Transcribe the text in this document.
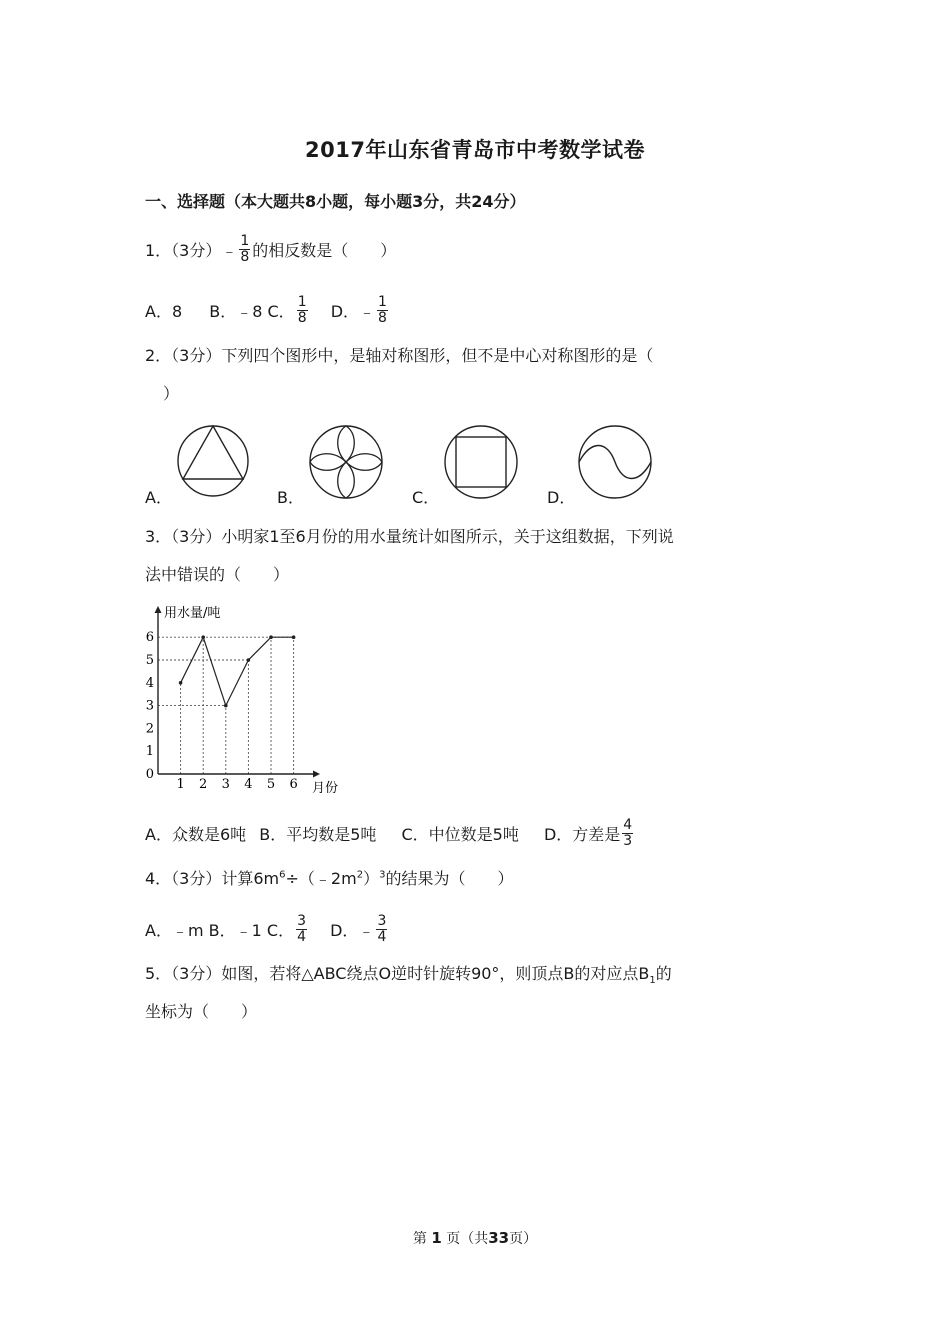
2017年山东省青岛市中考数学试卷
一、选择题（本大题共8小题，每小题3分，共24分）
1．（3分）﹣ $\frac{1}{8}$ 的相反数是（　　）
A．8 B．﹣8 C． $\frac{1}{8}$ D．﹣ $\frac{1}{8}$
2．（3分）下列四个图形中，是轴对称图形，但不是中心对称图形的是（
）
A．	B．	C．	D．
3．（3分）小明家1至6月份的用水量统计如图所示，关于这组数据，下列说
法中错误的（　　）
用水量/吨
月份
0
1
2
3
4
5
6
1 2 3 4 5 6
A．众数是6吨 B．平均数是5吨 C．中位数是5吨 D．方差是 $\frac{4}{3}$
4．（3分）计算$6m^6\div(﹣2m^2)^3$的结果为（　　）
A．﹣m B．﹣1 C． $\frac{3}{4}$ D．﹣ $\frac{3}{4}$
5．（3分）如图，若将△ABC绕点O逆时针旋转90°，则顶点B的对应点$B_1$的
坐标为（　　）
第 1 页（共33页）
